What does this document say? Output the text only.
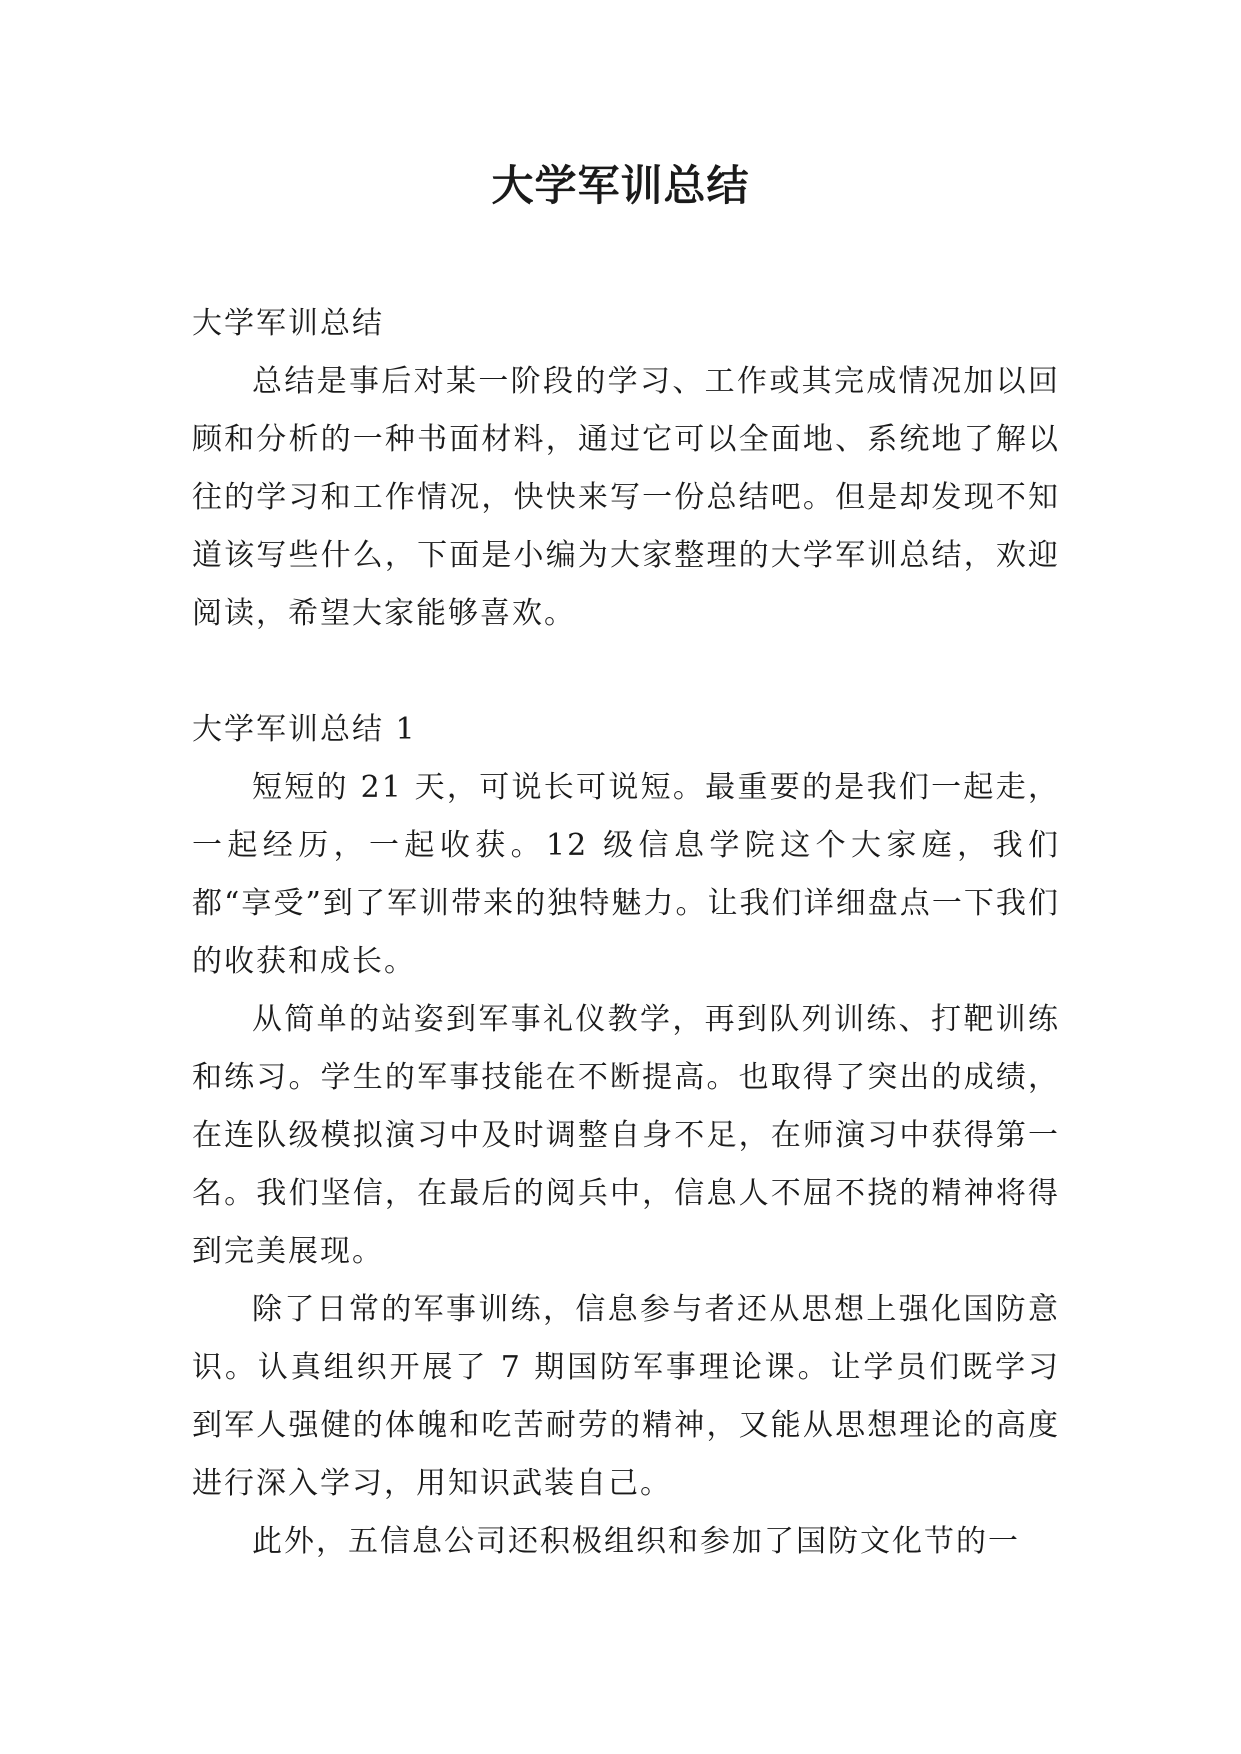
大学军训总结
大学军训总结

总结是事后对某一阶段的学习、工作或其完成情况加以回顾和分析的一种书面材料，通过它可以全面地、系统地了解以往的学习和工作情况，快快来写一份总结吧。但是却发现不知道该写些什么，下面是小编为大家整理的大学军训总结，欢迎阅读，希望大家能够喜欢。

大学军训总结 1

短短的 21 天，可说长可说短。最重要的是我们一起走，一起经历，一起收获。12 级信息学院这个大家庭，我们都“享受”到了军训带来的独特魅力。让我们详细盘点一下我们的收获和成长。

从简单的站姿到军事礼仪教学，再到队列训练、打靶训练和练习。学生的军事技能在不断提高。也取得了突出的成绩，在连队级模拟演习中及时调整自身不足，在师演习中获得第一名。我们坚信，在最后的阅兵中，信息人不屈不挠的精神将得到完美展现。

除了日常的军事训练，信息参与者还从思想上强化国防意识。认真组织开展了 7 期国防军事理论课。让学员们既学习到军人强健的体魄和吃苦耐劳的精神，又能从思想理论的高度进行深入学习，用知识武装自己。

此外，五信息公司还积极组织和参加了国防文化节的一
